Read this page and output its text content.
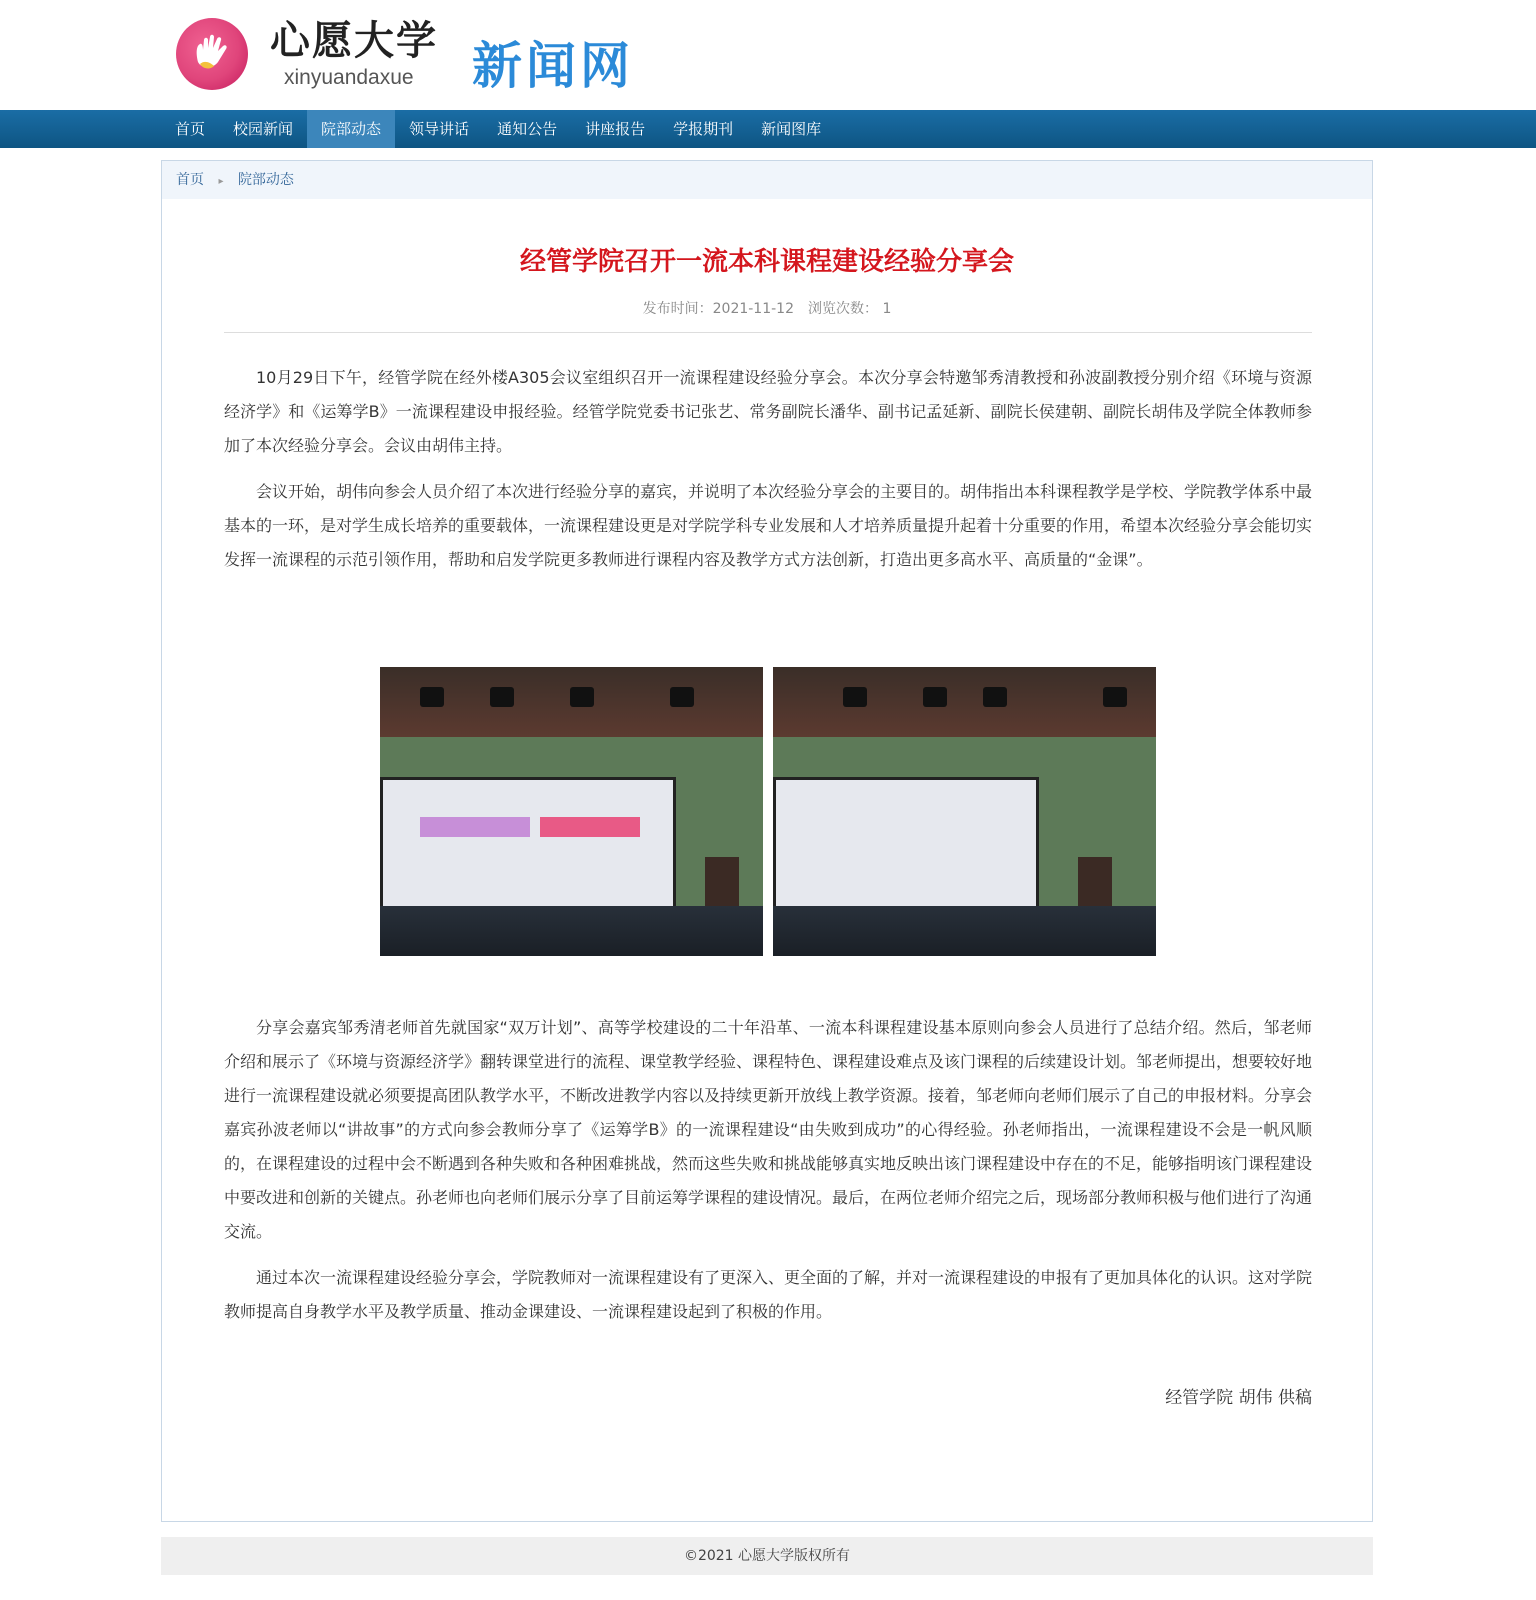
心愿大学
xinyuandaxue	新闻网
首页	校园新闻	院部动态	领导讲话	通知公告	讲座报告	学报期刊	新闻图库
首页 ▸ 院部动态
经管学院召开一流本科课程建设经验分享会
发布时间：2021-11-12 浏览次数： 1

10月29日下午，经管学院在经外楼A305会议室组织召开一流课程建设经验分享会。本次分享会特邀邹秀清教授和孙波副教授分别介绍《环境与资源经济学》和《运筹学B》一流课程建设申报经验。经管学院党委书记张艺、常务副院长潘华、副书记孟延新、副院长侯建朝、副院长胡伟及学院全体教师参加了本次经验分享会。会议由胡伟主持。

会议开始，胡伟向参会人员介绍了本次进行经验分享的嘉宾，并说明了本次经验分享会的主要目的。胡伟指出本科课程教学是学校、学院教学体系中最基本的一环，是对学生成长培养的重要载体，一流课程建设更是对学院学科专业发展和人才培养质量提升起着十分重要的作用，希望本次经验分享会能切实发挥一流课程的示范引领作用，帮助和启发学院更多教师进行课程内容及教学方式方法创新，打造出更多高水平、高质量的“金课”。

分享会嘉宾邹秀清老师首先就国家“双万计划”、高等学校建设的二十年沿革、一流本科课程建设基本原则向参会人员进行了总结介绍。然后，邹老师介绍和展示了《环境与资源经济学》翻转课堂进行的流程、课堂教学经验、课程特色、课程建设难点及该门课程的后续建设计划。邹老师提出，想要较好地进行一流课程建设就必须要提高团队教学水平，不断改进教学内容以及持续更新开放线上教学资源。接着，邹老师向老师们展示了自己的申报材料。分享会嘉宾孙波老师以“讲故事”的方式向参会教师分享了《运筹学B》的一流课程建设“由失败到成功”的心得经验。孙老师指出，一流课程建设不会是一帆风顺的，在课程建设的过程中会不断遇到各种失败和各种困难挑战，然而这些失败和挑战能够真实地反映出该门课程建设中存在的不足，能够指明该门课程建设中要改进和创新的关键点。孙老师也向老师们展示分享了目前运筹学课程的建设情况。最后，在两位老师介绍完之后，现场部分教师积极与他们进行了沟通交流。

通过本次一流课程建设经验分享会，学院教师对一流课程建设有了更深入、更全面的了解，并对一流课程建设的申报有了更加具体化的认识。这对学院教师提高自身教学水平及教学质量、推动金课建设、一流课程建设起到了积极的作用。

经管学院 胡伟 供稿
©2021 心愿大学版权所有
